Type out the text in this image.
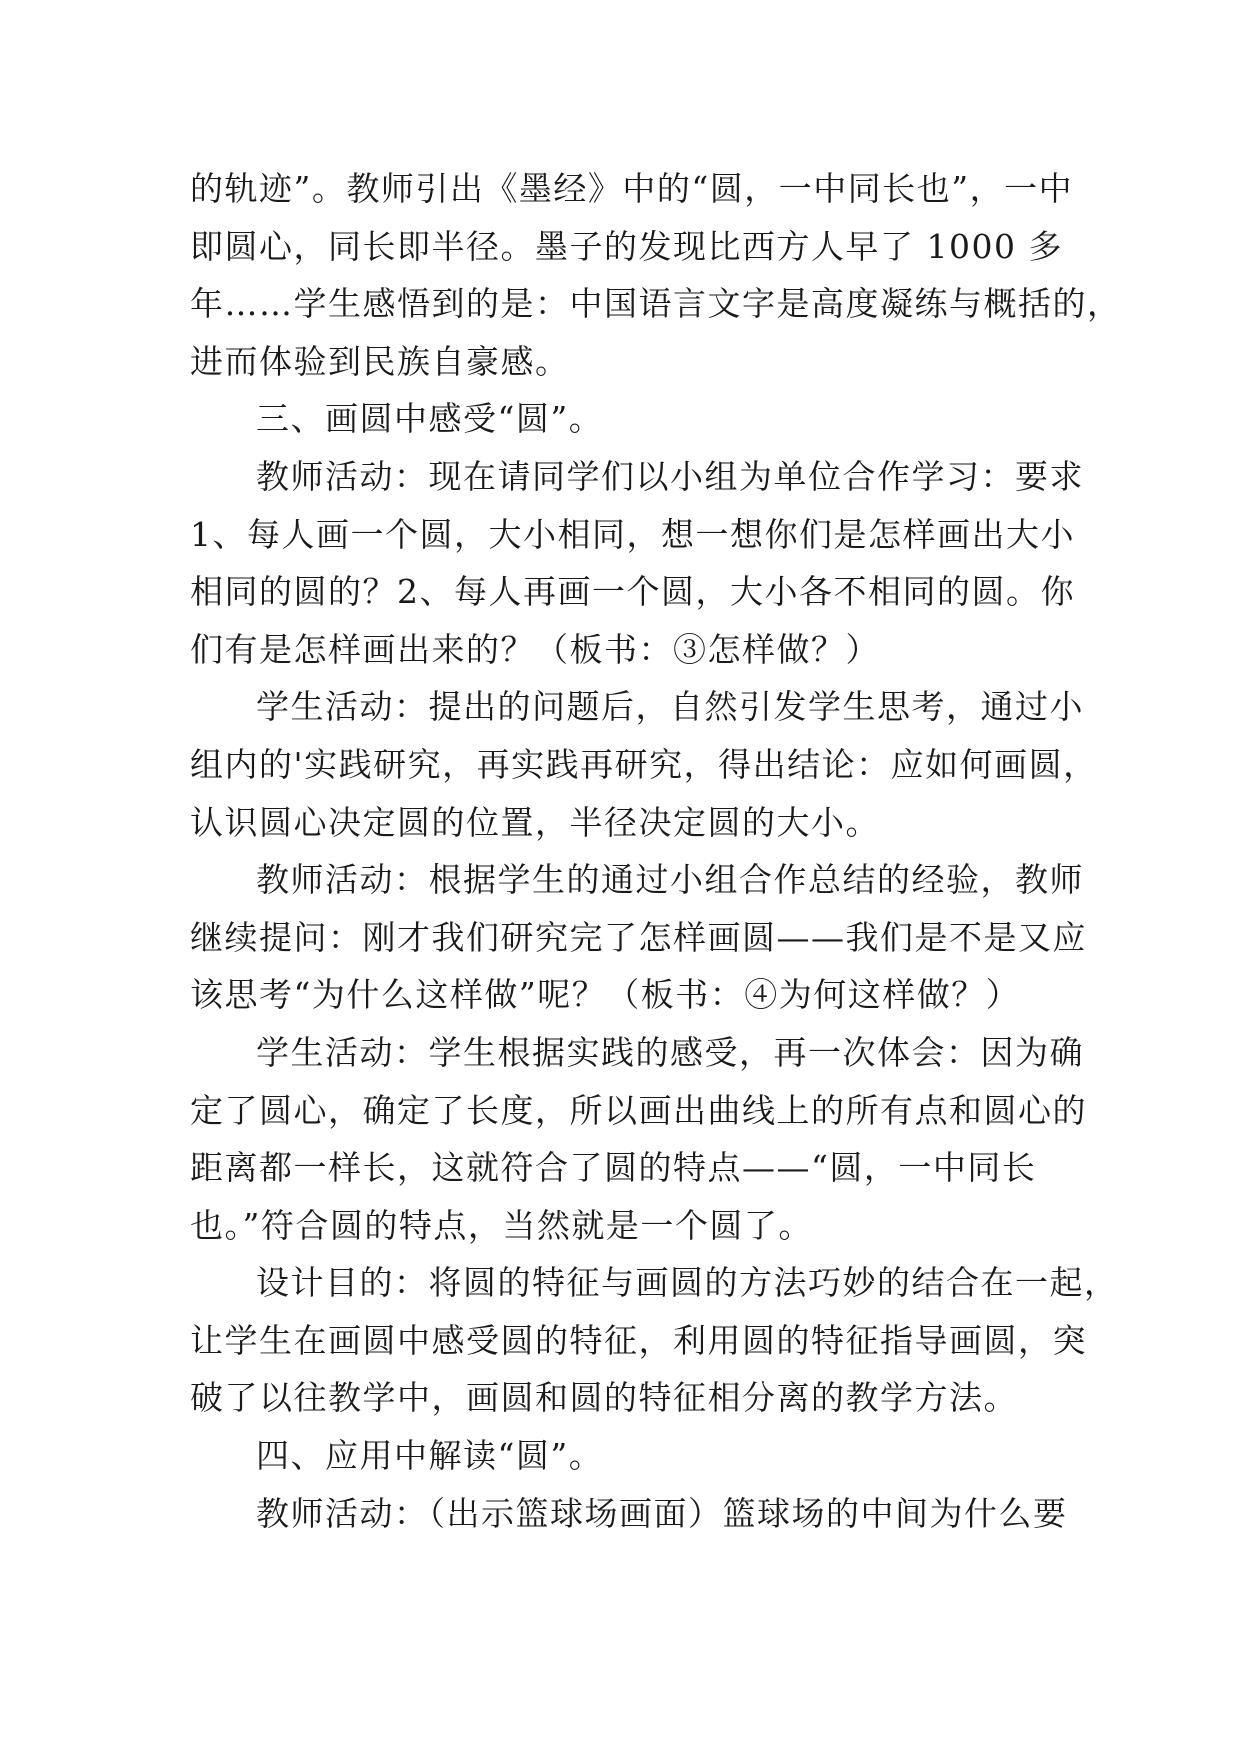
的轨迹”。教师引出《墨经》中的“圆，一中同长也”，一中
即圆心，同长即半径。墨子的发现比西方人早了 1000 多
年……学生感悟到的是：中国语言文字是高度凝练与概括的，
进而体验到民族自豪感。
三、画圆中感受“圆”。
教师活动：现在请同学们以小组为单位合作学习：要求
1、每人画一个圆，大小相同，想一想你们是怎样画出大小
相同的圆的？2、每人再画一个圆，大小各不相同的圆。你
们有是怎样画出来的？（板书：③怎样做？）
学生活动：提出的问题后，自然引发学生思考，通过小
组内的'实践研究，再实践再研究，得出结论：应如何画圆，
认识圆心决定圆的位置，半径决定圆的大小。
教师活动：根据学生的通过小组合作总结的经验，教师
继续提问：刚才我们研究完了怎样画圆——我们是不是又应
该思考“为什么这样做”呢？（板书：④为何这样做？）
学生活动：学生根据实践的感受，再一次体会：因为确
定了圆心，确定了长度，所以画出曲线上的所有点和圆心的
距离都一样长，这就符合了圆的特点——“圆，一中同长
也。”符合圆的特点，当然就是一个圆了。
设计目的：将圆的特征与画圆的方法巧妙的结合在一起，
让学生在画圆中感受圆的特征，利用圆的特征指导画圆，突
破了以往教学中，画圆和圆的特征相分离的教学方法。
四、应用中解读“圆”。
教师活动：（出示篮球场画面）篮球场的中间为什么要
